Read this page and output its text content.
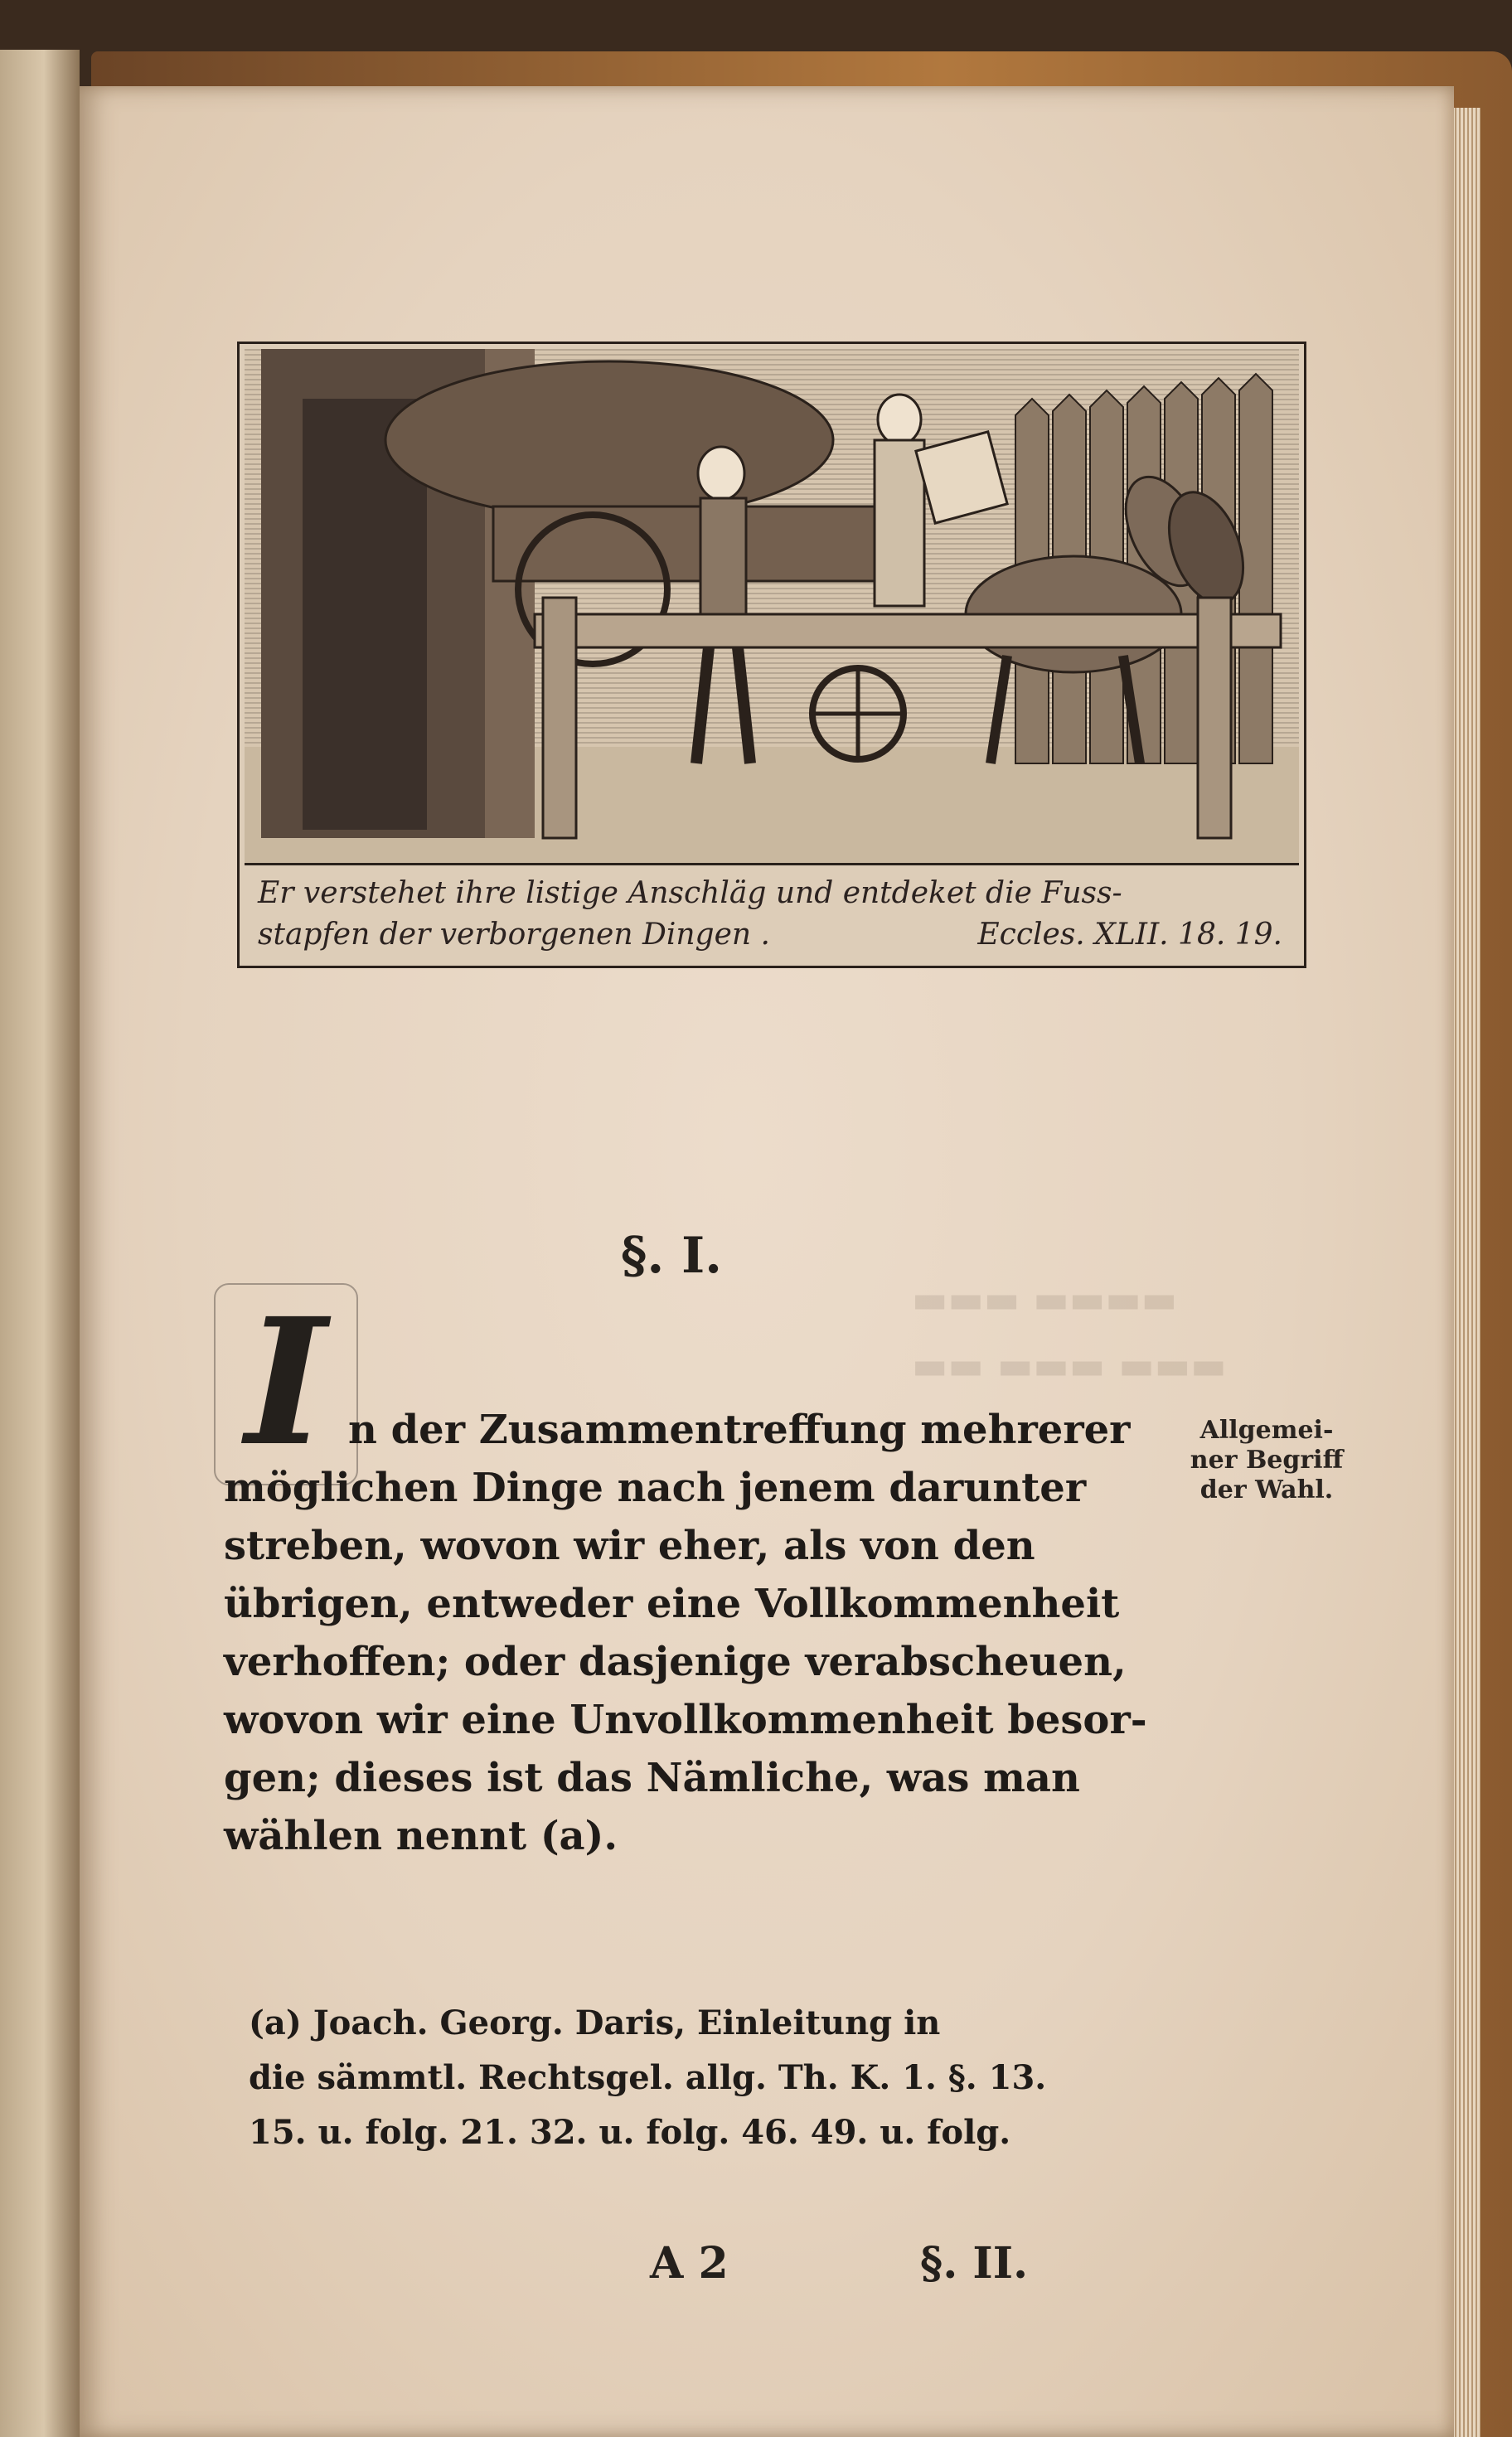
▬▬▬ ▬▬▬▬
▬▬ ▬▬▬ ▬▬▬
Er verstehet ihre listige Anschläg und entdeket die Fuss-
stapfen der verborgenen Dingen .	Eccles. XLII. 18. 19.
§. I.
I n der Zusammentreffung mehrerer
möglichen Dinge nach jenem darunter
streben, wovon wir eher, als von den
übrigen, entweder eine Vollkommenheit
verhoffen; oder dasjenige verabscheuen,
wovon wir eine Unvollkommenheit besor-
gen; dieses ist das Nämliche, was man
wählen nennt (a).
Allgemei-
ner Begriff
der Wahl.
(a) Joach. Georg. Daris, Einleitung in
die sämmtl. Rechtsgel. allg. Th. K. 1. §. 13.
15. u. folg. 21. 32. u. folg. 46. 49. u. folg.
A 2	§. II.
